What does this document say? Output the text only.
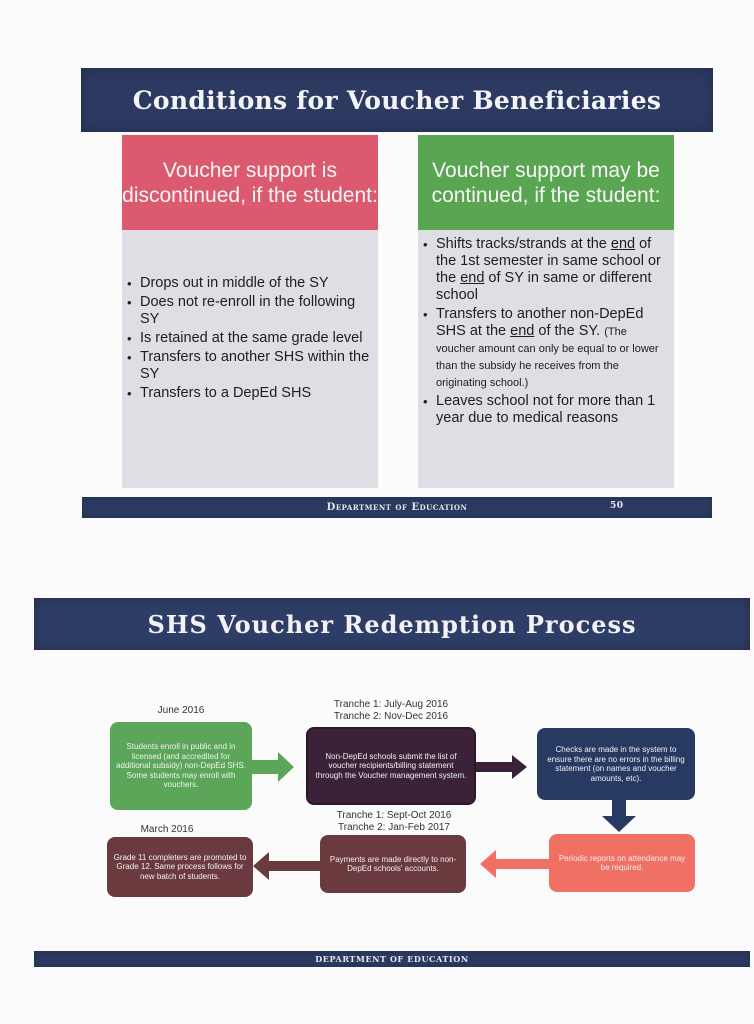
Conditions for Voucher Beneficiaries
Voucher support is discontinued, if the student:
Voucher support may be continued, if the student:
• Drops out in middle of the SY
• Does not re-enroll in the following SY
• Is retained at the same grade level
• Transfers to another SHS within the SY
• Transfers to a DepEd SHS
• Shifts tracks/strands at the end of the 1st semester in same school or the end of SY in same or different school
• Transfers to another non-DepEd SHS at the end of the SY. (The voucher amount can only be equal to or lower than the subsidy he receives from the originating school.)
• Leaves school not for more than 1 year due to medical reasons
Department of Education	50
SHS Voucher Redemption Process
June 2016
Students enroll in public and in licensed (and accredited for additional subsidy) non-DepEd SHS. Some students may enroll with vouchers.
Tranche 1: July-Aug 2016
Tranche 2: Nov-Dec 2016
Non-DepEd schools submit the list of voucher recipients/billing statement through the Voucher management system.
Checks are made in the system to ensure there are no errors in the billing statement (on names and voucher amounts, etc).
Periodic reports on attendance may be required.
Tranche 1: Sept-Oct 2016
Tranche 2: Jan-Feb 2017
Payments are made directly to non-DepEd schools' accounts.
March 2016
Grade 11 completers are promoted to Grade 12. Same process follows for new batch of students.
DEPARTMENT OF EDUCATION
